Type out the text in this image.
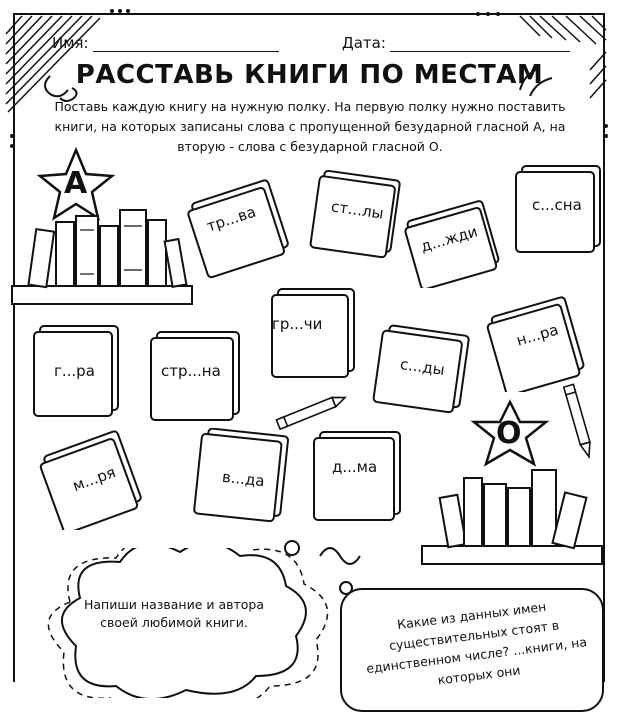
Имя:	Дата:
РАССТАВЬ КНИГИ ПО МЕСТАМ
Поставь каждую книгу на нужную полку. На первую полку нужно поставить книги, на которых записаны слова с пропущенной безударной гласной А, на вторую - слова с безударной гласной О.
А
тр...ва	ст...лы
д...жди
с...сна
гр...чи	н...ра
г...ра	стр...на	с...ды
м...ря	в...да
д...ма
О
Напиши название и автора своей любимой книги.	Какие из данных имен существительных стоят в единственном числе? ...книги, на которых они
